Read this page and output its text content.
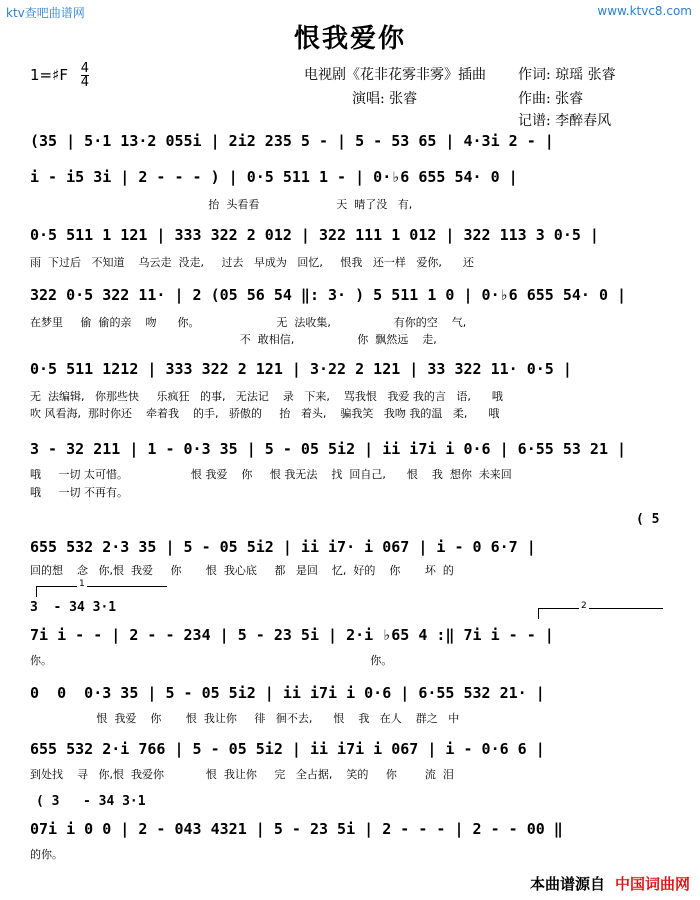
ktv查吧曲谱网	www.ktvc8.com
恨我爱你
1=♯F $\frac{4}{4}$	电视剧《花非花雾非雾》插曲 作词: 琼瑶 张睿
演唱: 张睿	作曲: 张睿
记谱: 李醉春风
(35 | 5·1 13·2 055i | 2i2 235 5 - | 5 - 53 65 | 4·3i 2 - |
i - i5 3i | 2 - - - ) | 0·5 511 1 - | 0·♭6 655 54· 0 |
抬  头看看                      天  晴了没   有,
0·5 511 1 121 | 333 322 2 012 | 322 111 1 012 | 322 113 3 0·5 |
雨  下过后   不知道    乌云走  没走,     过去   早成为   回忆,     恨我   还一样   爱你,      还
322 0·5 322 11· | 2 (05 56 54 ‖: 3· ) 5 511 1 0 | 0·♭6 655 54· 0 |
在梦里     偷  偷的亲    吻      你。                      无  法收集,                  有你的空    气,
不  敢相信,                  你  飘然远    走,
0·5 511 1212 | 333 322 2 121 | 3·22 2 121 | 33 322 11· 0·5 |
无  法编辑,   你那些快     乐疯狂   的事,   无法记    录   下来,    骂我恨   我爱 我的言   语,      哦
吹 风看海,  那时你还    牵着我    的手,   骄傲的     抬   着头,    骗我笑   我吻 我的温   柔,      哦
3 - 32 211 | 1 - 0·3 35 | 5 - 05 5i2 | ii i7i i 0·6 | 6·55 53 21 |
哦     一切 太可惜。                  恨 我爱    你     恨 我无法    找  回自己,      恨    我  想你  未来回
哦     一切 不再有。
( 5
655 532 2·3 35 | 5 - 05 5i2 | ii i7· i 067 | i - 0 6·7 |
回的想    念   你,恨  我爱     你       恨  我心底     都   是回    忆,  好的    你       坏  的
1
3  - 34 3·1
7i i - - | 2 - - 234 | 5 - 23 5i | 2·i ♭65 4 :‖ 7i i - - |
你。                                                                                           你。
2
0  0  0·3 35 | 5 - 05 5i2 | ii i7i i 0·6 | 6·55 532 21· |
恨  我爱    你       恨  我让你     徘   徊不去,      恨    我   在人    群之   中
655 532 2·i 766 | 5 - 05 5i2 | ii i7i i 067 | i - 0·6 6 |
到处找    寻   你,恨  我爱你            恨  我让你     完   全占据,    笑的     你        流  泪
( 3   - 34 3·1
07i i 0 0 | 2 - 043 4321 | 5 - 23 5i | 2 - - - | 2 - - 00 ‖
的你。
本曲谱源自 中国词曲网
